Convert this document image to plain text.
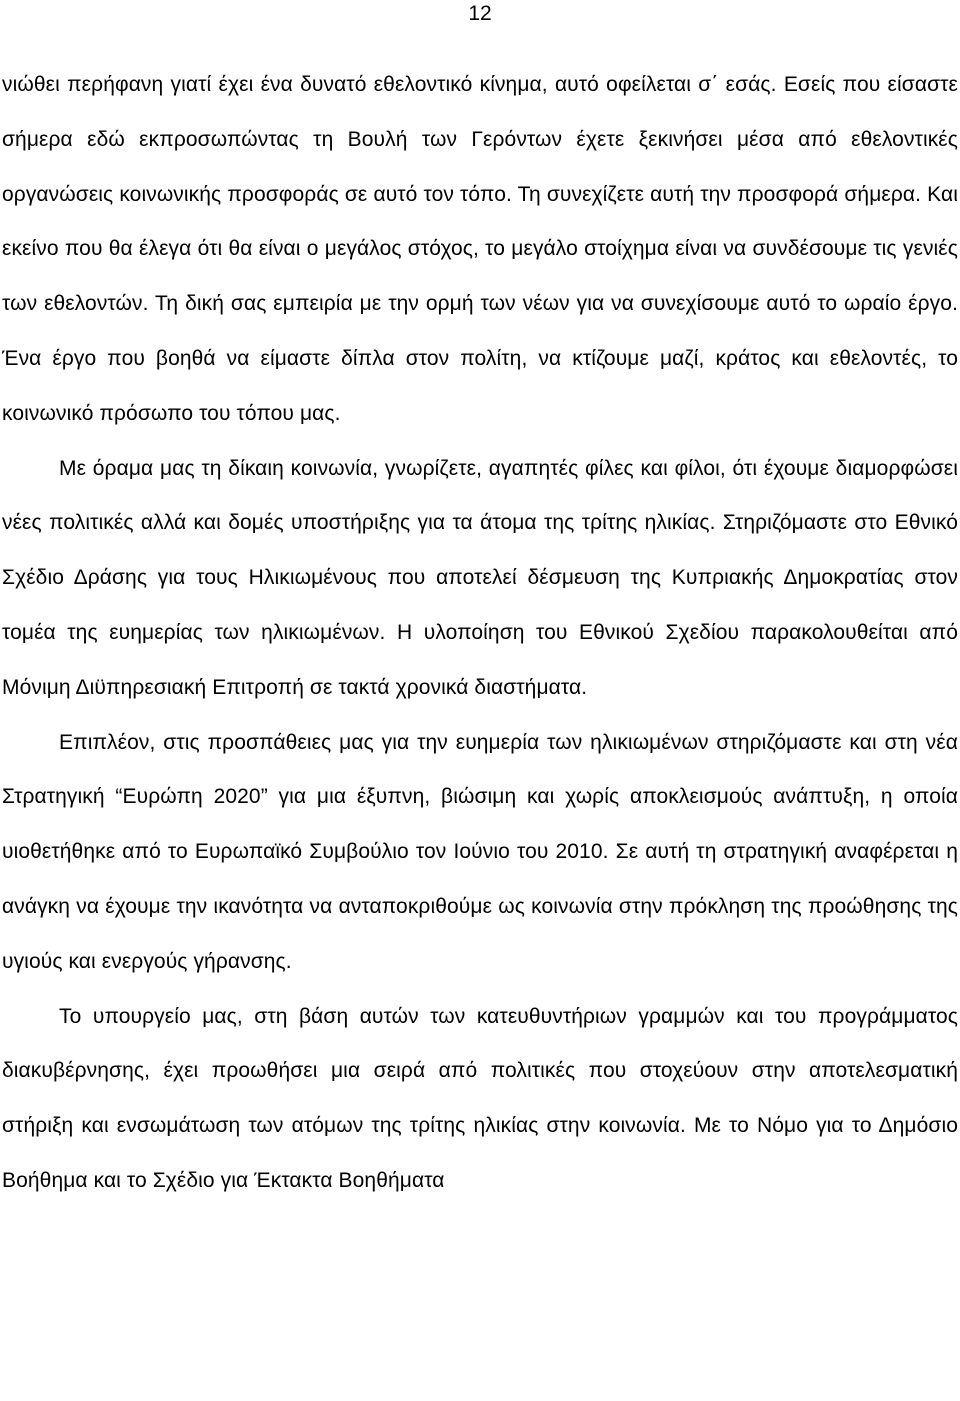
12

νιώθει περήφανη γιατί έχει ένα δυνατό εθελοντικό κίνημα, αυτό οφείλεται σ΄ εσάς. Εσείς που είσαστε σήμερα εδώ εκπροσωπώντας τη Βουλή των Γερόντων έχετε ξεκινήσει μέσα από εθελοντικές οργανώσεις κοινωνικής προσφοράς σε αυτό τον τόπο. Τη συνεχίζετε αυτή την προσφορά σήμερα. Και εκείνο που θα έλεγα ότι θα είναι ο μεγάλος στόχος, το μεγάλο στοίχημα είναι να συνδέσουμε τις γενιές των εθελοντών. Τη δική σας εμπειρία με την ορμή των νέων για να συνεχίσουμε αυτό το ωραίο έργο. Ένα έργο που βοηθά να είμαστε δίπλα στον πολίτη, να κτίζουμε μαζί, κράτος και εθελοντές, το κοινωνικό πρόσωπο του τόπου μας.

Με όραμα μας τη δίκαιη κοινωνία, γνωρίζετε, αγαπητές φίλες και φίλοι, ότι έχουμε διαμορφώσει νέες πολιτικές αλλά και δομές υποστήριξης για τα άτομα της τρίτης ηλικίας. Στηριζόμαστε στο Εθνικό Σχέδιο Δράσης για τους Ηλικιωμένους που αποτελεί δέσμευση της Κυπριακής Δημοκρατίας στον τομέα της ευημερίας των ηλικιωμένων. Η υλοποίηση του Εθνικού Σχεδίου παρακολουθείται από Μόνιμη Διϋπηρεσιακή Επιτροπή σε τακτά χρονικά διαστήματα.

Επιπλέον, στις προσπάθειες μας για την ευημερία των ηλικιωμένων στηριζόμαστε και στη νέα Στρατηγική “Ευρώπη 2020” για μια έξυπνη, βιώσιμη και χωρίς αποκλεισμούς ανάπτυξη, η οποία υιοθετήθηκε από το Ευρωπαϊκό Συμβούλιο τον Ιούνιο του 2010. Σε αυτή τη στρατηγική αναφέρεται η ανάγκη να έχουμε την ικανότητα να ανταποκριθούμε ως κοινωνία στην πρόκληση της προώθησης της υγιούς και ενεργούς γήρανσης.

Το υπουργείο μας, στη βάση αυτών των κατευθυντήριων γραμμών και του προγράμματος διακυβέρνησης, έχει προωθήσει μια σειρά από πολιτικές που στοχεύουν στην αποτελεσματική στήριξη και ενσωμάτωση των ατόμων της τρίτης ηλικίας στην κοινωνία. Με το Νόμο για το Δημόσιο Βοήθημα και το Σχέδιο για Έκτακτα Βοηθήματα
